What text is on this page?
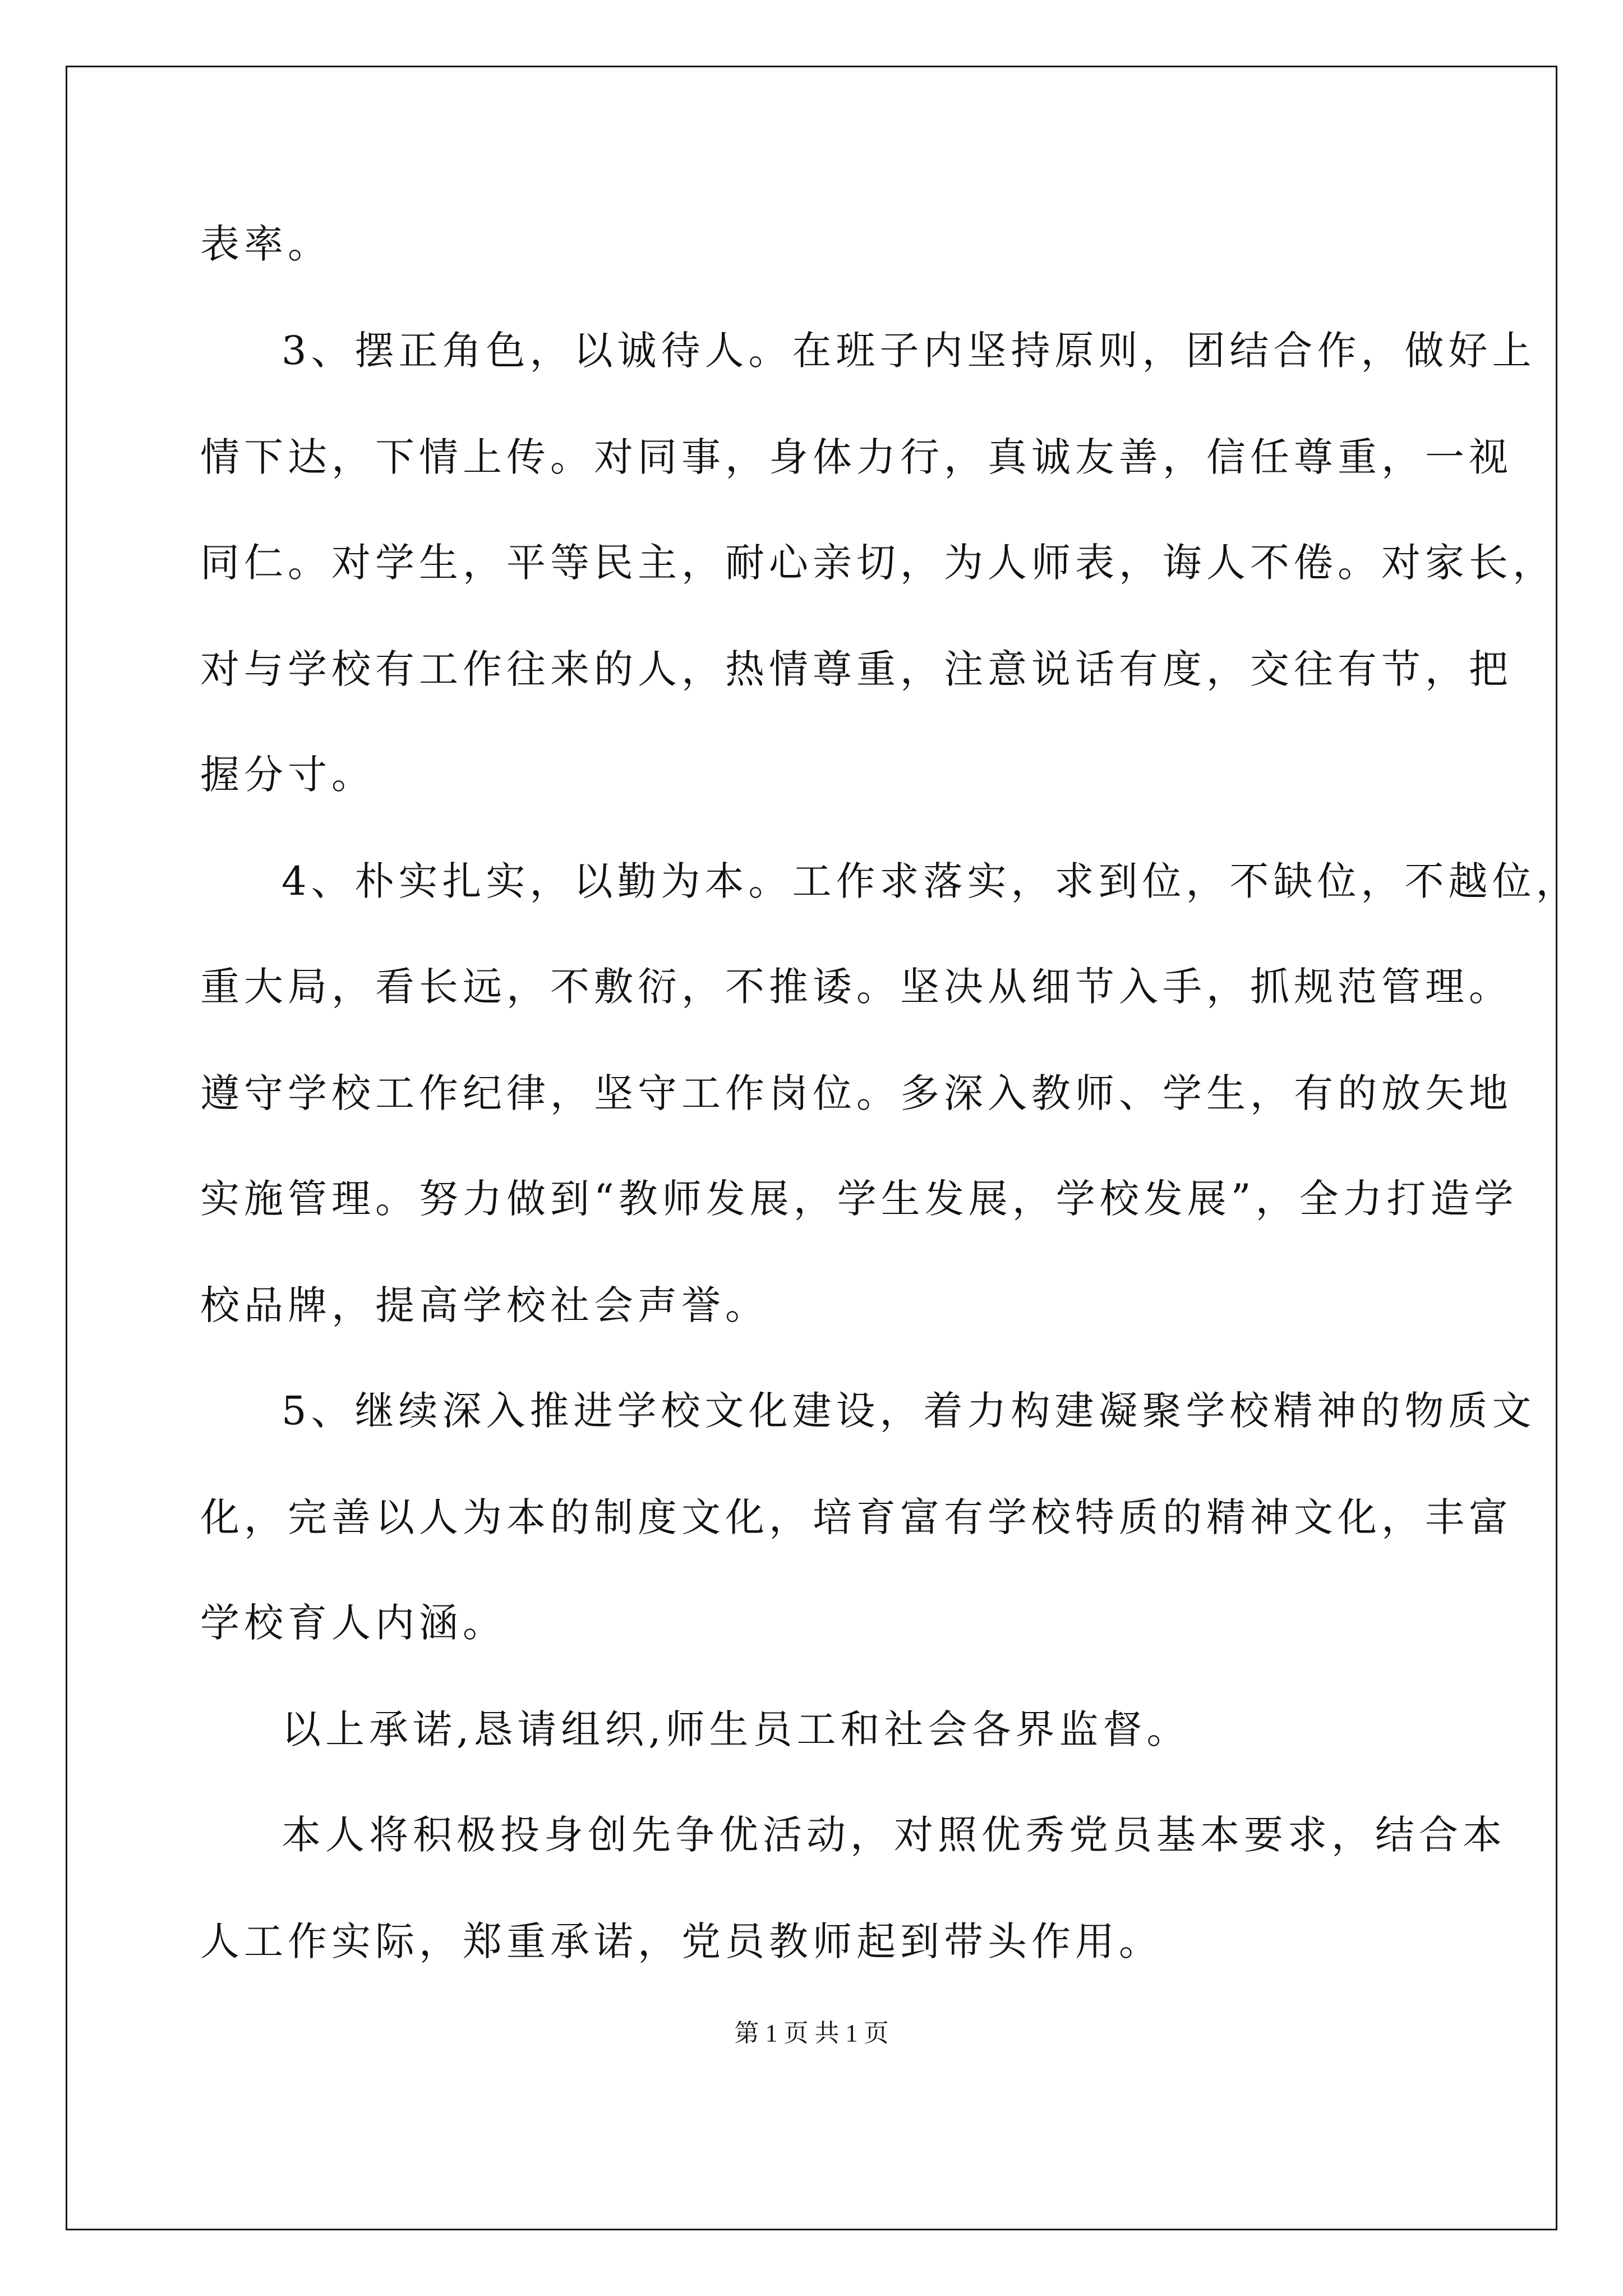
表率。
3、摆正角色，以诚待人。在班子内坚持原则，团结合作，做好上
情下达，下情上传。对同事，身体力行，真诚友善，信任尊重，一视
同仁。对学生，平等民主，耐心亲切，为人师表，诲人不倦。对家长，
对与学校有工作往来的人，热情尊重，注意说话有度，交往有节，把
握分寸。
4、朴实扎实，以勤为本。工作求落实，求到位，不缺位，不越位，
重大局，看长远，不敷衍，不推诿。坚决从细节入手，抓规范管理。
遵守学校工作纪律，坚守工作岗位。多深入教师、学生，有的放矢地
实施管理。努力做到“教师发展，学生发展，学校发展”，全力打造学
校品牌，提高学校社会声誉。
5、继续深入推进学校文化建设，着力构建凝聚学校精神的物质文
化，完善以人为本的制度文化，培育富有学校特质的精神文化，丰富
学校育人内涵。
以上承诺,恳请组织,师生员工和社会各界监督。
本人将积极投身创先争优活动，对照优秀党员基本要求，结合本
人工作实际，郑重承诺，党员教师起到带头作用。
第 1 页 共 1 页
